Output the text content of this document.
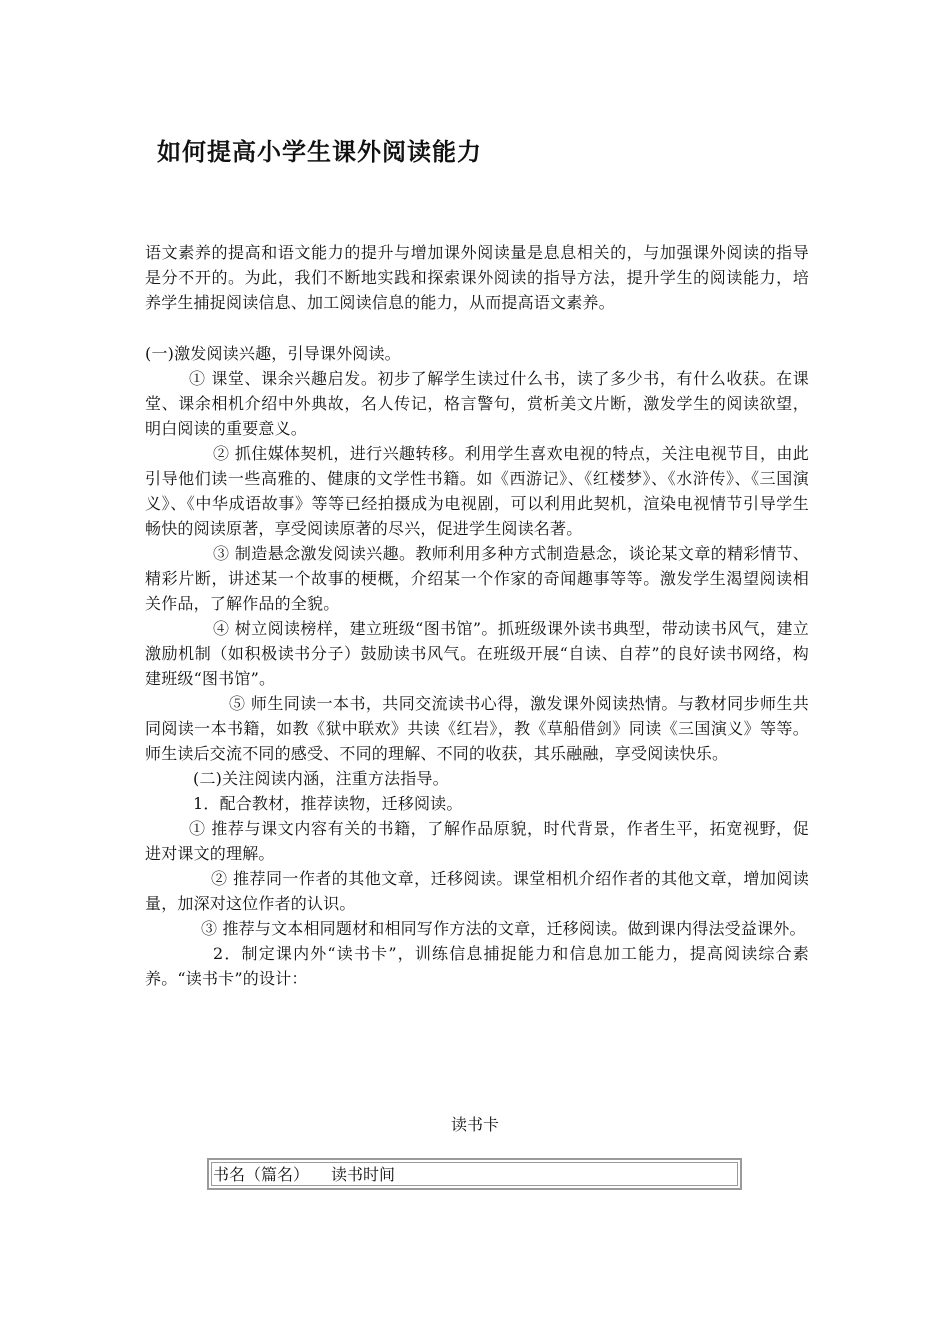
如何提高小学生课外阅读能力

语文素养的提高和语文能力的提升与增加课外阅读量是息息相关的，与加强课外阅读的指导是分不开的。为此，我们不断地实践和探索课外阅读的指导方法，提升学生的阅读能力，培养学生捕捉阅读信息、加工阅读信息的能力，从而提高语文素养。

(一)激发阅读兴趣，引导课外阅读。

① 课堂、课余兴趣启发。初步了解学生读过什么书，读了多少书，有什么收获。在课堂、课余相机介绍中外典故，名人传记，格言警句，赏析美文片断，激发学生的阅读欲望，明白阅读的重要意义。

② 抓住媒体契机，进行兴趣转移。利用学生喜欢电视的特点，关注电视节目，由此引导他们读一些高雅的、健康的文学性书籍。如《西游记》、《红楼梦》、《水浒传》、《三国演义》、《中华成语故事》等等已经拍摄成为电视剧，可以利用此契机，渲染电视情节引导学生畅快的阅读原著，享受阅读原著的尽兴，促进学生阅读名著。

③ 制造悬念激发阅读兴趣。教师利用多种方式制造悬念，谈论某文章的精彩情节、精彩片断，讲述某一个故事的梗概，介绍某一个作家的奇闻趣事等等。激发学生渴望阅读相关作品，了解作品的全貌。

④ 树立阅读榜样，建立班级“图书馆”。抓班级课外读书典型，带动读书风气，建立激励机制（如积极读书分子）鼓励读书风气。在班级开展“自读、自荐”的良好读书网络，构建班级“图书馆”。

⑤ 师生同读一本书，共同交流读书心得，激发课外阅读热情。与教材同步师生共同阅读一本书籍，如教《狱中联欢》共读《红岩》，教《草船借剑》同读《三国演义》等等。师生读后交流不同的感受、不同的理解、不同的收获，其乐融融，享受阅读快乐。

(二)关注阅读内涵，注重方法指导。

1．配合教材，推荐读物，迁移阅读。

① 推荐与课文内容有关的书籍，了解作品原貌，时代背景，作者生平，拓宽视野，促进对课文的理解。

② 推荐同一作者的其他文章，迁移阅读。课堂相机介绍作者的其他文章，增加阅读量，加深对这位作者的认识。

③ 推荐与文本相同题材和相同写作方法的文章，迁移阅读。做到课内得法受益课外。

2．制定课内外“读书卡”，训练信息捕捉能力和信息加工能力，提高阅读综合素养。“读书卡”的设计：

读书卡
书名（篇名） 读书时间
